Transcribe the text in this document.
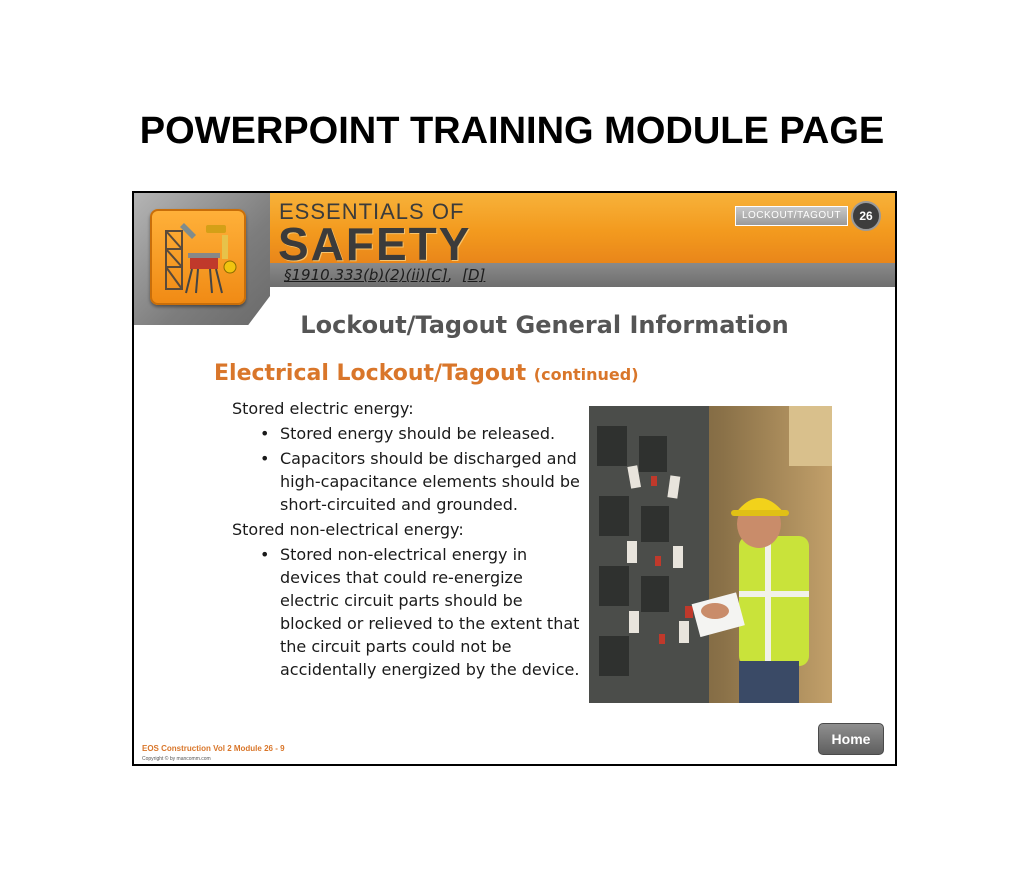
POWERPOINT TRAINING MODULE PAGE
ESSENTIALS OF
SAFETY
LOCKOUT/TAGOUT	26
§1910.333(b)(2)(ii)[C], [D]
Lockout/Tagout General Information
Electrical Lockout/Tagout (continued)

Stored electric energy:

• Stored energy should be released.
• Capacitors should be discharged and high-capacitance elements should be short-circuited and grounded.

Stored non-electrical energy:

• Stored non-electrical energy in devices that could re-energize electric circuit parts should be blocked or relieved to the extent that the circuit parts could not be accidentally energized by the device.
EOS Construction Vol 2 Module 26 - 9
Copyright © by mancomm.com
Home
